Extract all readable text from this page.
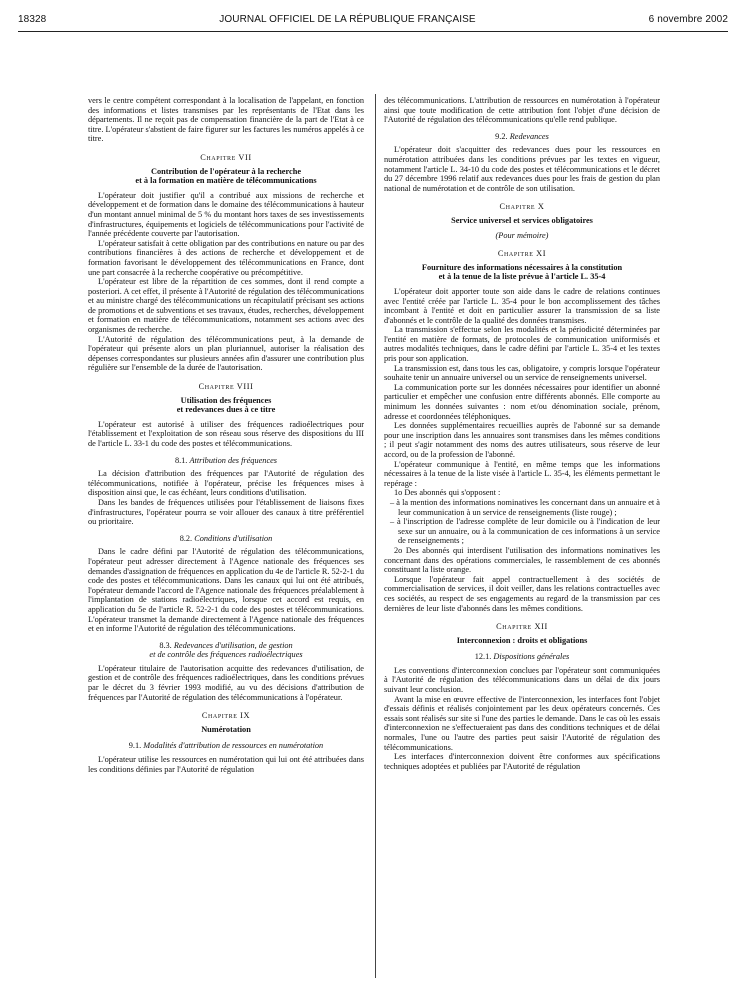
18328	JOURNAL OFFICIEL DE LA RÉPUBLIQUE FRANÇAISE	6 novembre 2002

vers le centre compétent correspondant à la localisation de l'appelant, en fonction des informations et listes transmises par les représentants de l'Etat dans les départements. Il ne reçoit pas de compensation financière de la part de l'Etat à ce titre. L'opérateur s'abstient de faire figurer sur les factures les numéros appelés à ce titre.

Chapitre VII
Contribution de l'opérateur à la recherche
et à la formation en matière de télécommunications

L'opérateur doit justifier qu'il a contribué aux missions de recherche et développement et de formation dans le domaine des télécommunications à hauteur d'un montant annuel minimal de 5 % du montant hors taxes de ses investissements d'infrastructures, équipements et logiciels de télécommunications pour l'activité de l'année précédente couverte par l'autorisation.

L'opérateur satisfait à cette obligation par des contributions en nature ou par des contributions financières à des actions de recherche et développement et de formation favorisant le développement des télécommunications en France, dont une part consacrée à la recherche coopérative ou précompétitive.

L'opérateur est libre de la répartition de ces sommes, dont il rend compte a posteriori. A cet effet, il présente à l'Autorité de régulation des télécommunications et au ministre chargé des télécommunications un récapitulatif précisant ses actions de promotions et de subventions et ses travaux, études, recherches, développement et formation en matière de télécommunications, notamment ses actions avec des organismes de recherche.

L'Autorité de régulation des télécommunications peut, à la demande de l'opérateur qui présente alors un plan pluriannuel, autoriser la réalisation des dépenses correspondantes sur plusieurs années afin d'assurer une contribution plus régulière sur l'ensemble de la durée de l'autorisation.

Chapitre VIII
Utilisation des fréquences
et redevances dues à ce titre

L'opérateur est autorisé à utiliser des fréquences radioélectriques pour l'établissement et l'exploitation de son réseau sous réserve des dispositions du III de l'article L. 33-1 du code des postes et télécommunications.

8.1. Attribution des fréquences

La décision d'attribution des fréquences par l'Autorité de régulation des télécommunications, notifiée à l'opérateur, précise les fréquences mises à disposition ainsi que, le cas échéant, leurs conditions d'utilisation.

Dans les bandes de fréquences utilisées pour l'établissement de liaisons fixes d'infrastructures, l'opérateur pourra se voir allouer des canaux à titre préférentiel ou prioritaire.

8.2. Conditions d'utilisation

Dans le cadre défini par l'Autorité de régulation des télécommunications, l'opérateur peut adresser directement à l'Agence nationale des fréquences ses demandes d'assignation de fréquences en application du 4e de l'article R. 52-2-1 du code des postes et télécommunications. Dans les canaux qui lui ont été attribués, l'opérateur demande l'accord de l'Agence nationale des fréquences préalablement à l'implantation de stations radioélectriques, lorsque cet accord est requis, en application du 5e de l'article R. 52-2-1 du code des postes et télécommunications. L'opérateur transmet la demande directement à l'Agence nationale des fréquences et en informe l'Autorité de régulation des télécommunications.

8.3. Redevances d'utilisation, de gestion
et de contrôle des fréquences radioélectriques

L'opérateur titulaire de l'autorisation acquitte des redevances d'utilisation, de gestion et de contrôle des fréquences radioélectriques, dans les conditions prévues par le décret du 3 février 1993 modifié, au vu des décisions d'attribution de fréquences par l'Autorité de régulation des télécommunications à l'opérateur.

Chapitre IX
Numérotation
9.1. Modalités d'attribution de ressources en numérotation

L'opérateur utilise les ressources en numérotation qui lui ont été attribuées dans les conditions définies par l'Autorité de régulation

des télécommunications. L'attribution de ressources en numérotation à l'opérateur ainsi que toute modification de cette attribution font l'objet d'une décision de l'Autorité de régulation des télécommunications qu'elle rend publique.

9.2. Redevances

L'opérateur doit s'acquitter des redevances dues pour les ressources en numérotation attribuées dans les conditions prévues par les textes en vigueur, notamment l'article L. 34-10 du code des postes et télécommunications et le décret du 27 décembre 1996 relatif aux redevances dues pour les frais de gestion du plan national de numérotation et de contrôle de son utilisation.

Chapitre X
Service universel et services obligatoires
(Pour mémoire)
Chapitre XI
Fourniture des informations nécessaires à la constitution
et à la tenue de la liste prévue à l'article L. 35-4

L'opérateur doit apporter toute son aide dans le cadre de relations continues avec l'entité créée par l'article L. 35-4 pour le bon accomplissement des tâches incombant à l'entité et doit en particulier assurer la transmission de sa liste d'abonnés et le contrôle de la qualité des données transmises.

La transmission s'effectue selon les modalités et la périodicité déterminées par l'entité en matière de formats, de protocoles de communication uniformisés et autres modalités techniques, dans le cadre défini par l'article L. 35-4 et les textes pris pour son application.

La transmission est, dans tous les cas, obligatoire, y compris lorsque l'opérateur souhaite tenir un annuaire universel ou un service de renseignements universel.

La communication porte sur les données nécessaires pour identifier un abonné particulier et empêcher une confusion entre différents abonnés. Elle comporte au minimum les données suivantes : nom et/ou dénomination sociale, prénom, adresse et coordonnées téléphoniques.

Les données supplémentaires recueillies auprès de l'abonné sur sa demande pour une inscription dans les annuaires sont transmises dans les mêmes conditions ; il peut s'agir notamment des noms des autres utilisateurs, sous réserve de leur accord, ou de la profession de l'abonné.

L'opérateur communique à l'entité, en même temps que les informations nécessaires à la tenue de la liste visée à l'article L. 35-4, les éléments permettant le repérage :

1o Des abonnés qui s'opposent :

– à la mention des informations nominatives les concernant dans un annuaire et à leur communication à un service de renseignements (liste rouge) ;

– à l'inscription de l'adresse complète de leur domicile ou à l'indication de leur sexe sur un annuaire, ou à la communication de ces informations à un service de renseignements ;

2o Des abonnés qui interdisent l'utilisation des informations nominatives les concernant dans des opérations commerciales, le rassemblement de ces abonnés constituant la liste orange.

Lorsque l'opérateur fait appel contractuellement à des sociétés de commercialisation de services, il doit veiller, dans les relations contractuelles avec ces sociétés, au respect de ses engagements au regard de la transmission par ces dernières de leur liste d'abonnés dans les mêmes conditions.

Chapitre XII
Interconnexion : droits et obligations
12.1. Dispositions générales

Les conventions d'interconnexion conclues par l'opérateur sont communiquées à l'Autorité de régulation des télécommunications dans un délai de dix jours suivant leur conclusion.

Avant la mise en œuvre effective de l'interconnexion, les interfaces font l'objet d'essais définis et réalisés conjointement par les deux opérateurs concernés. Ces essais sont réalisés sur site si l'une des parties le demande. Dans le cas où les essais d'interconnexion ne s'effectueraient pas dans des conditions techniques et de délai normales, l'une ou l'autre des parties peut saisir l'Autorité de régulation des télécommunications.

Les interfaces d'interconnexion doivent être conformes aux spécifications techniques adoptées et publiées par l'Autorité de régulation
